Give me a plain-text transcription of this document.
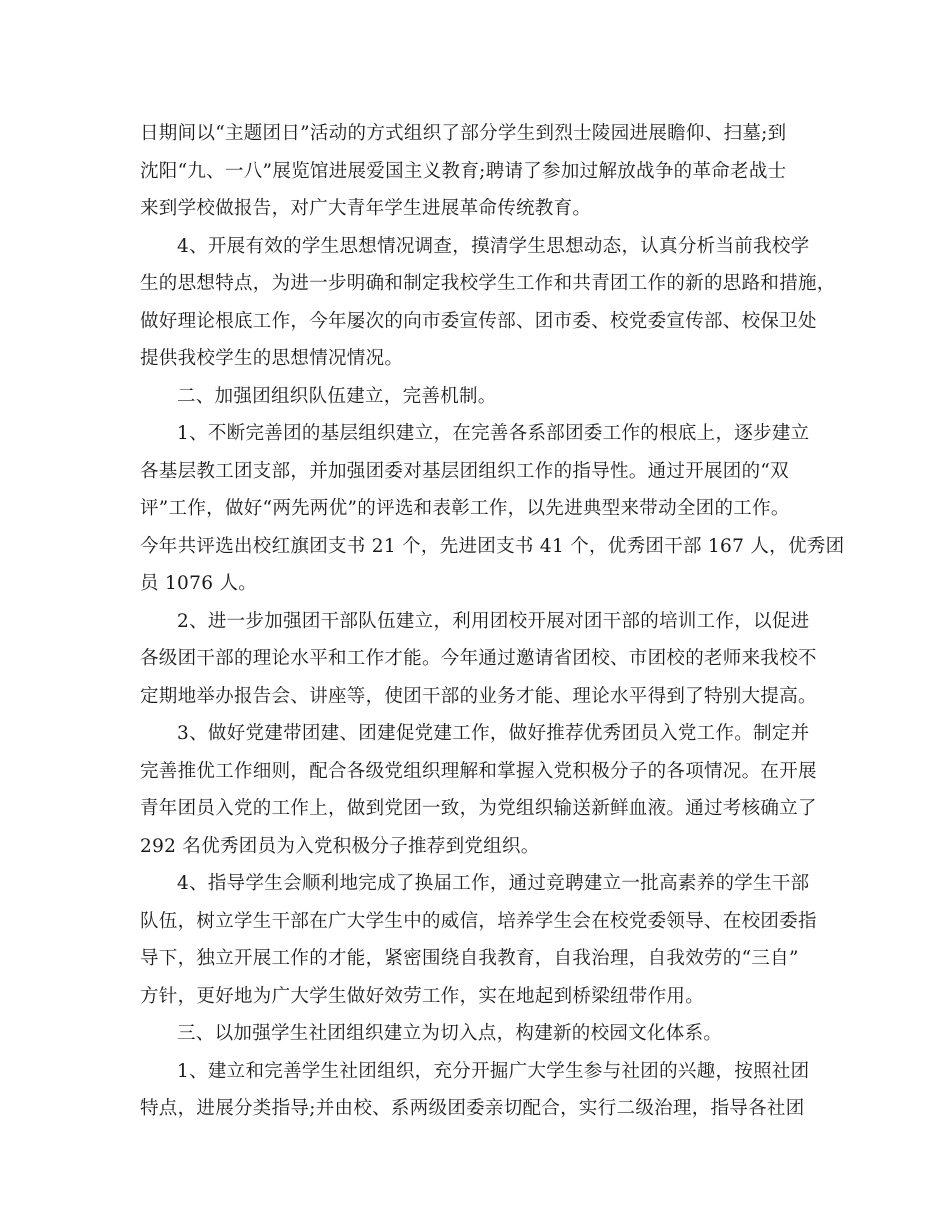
日期间以“主题团日”活动的方式组织了部分学生到烈士陵园进展瞻仰、扫墓;到
沈阳“九、一八”展览馆进展爱国主义教育;聘请了参加过解放战争的革命老战士
来到学校做报告，对广大青年学生进展革命传统教育。
4、开展有效的学生思想情况调查，摸清学生思想动态，认真分析当前我校学
生的思想特点，为进一步明确和制定我校学生工作和共青团工作的新的思路和措施，
做好理论根底工作，今年屡次的向市委宣传部、团市委、校党委宣传部、校保卫处
提供我校学生的思想情况情况。
二、加强团组织队伍建立，完善机制。
1、不断完善团的基层组织建立，在完善各系部团委工作的根底上，逐步建立
各基层教工团支部，并加强团委对基层团组织工作的指导性。通过开展团的“双
评”工作，做好“两先两优”的评选和表彰工作，以先进典型来带动全团的工作。
今年共评选出校红旗团支书 21 个，先进团支书 41 个，优秀团干部 167 人，优秀团
员 1076 人。
2、进一步加强团干部队伍建立，利用团校开展对团干部的培训工作，以促进
各级团干部的理论水平和工作才能。今年通过邀请省团校、市团校的老师来我校不
定期地举办报告会、讲座等，使团干部的业务才能、理论水平得到了特别大提高。
3、做好党建带团建、团建促党建工作，做好推荐优秀团员入党工作。制定并
完善推优工作细则，配合各级党组织理解和掌握入党积极分子的各项情况。在开展
青年团员入党的工作上，做到党团一致，为党组织输送新鲜血液。通过考核确立了
292 名优秀团员为入党积极分子推荐到党组织。
4、指导学生会顺利地完成了换届工作，通过竞聘建立一批高素养的学生干部
队伍，树立学生干部在广大学生中的威信，培养学生会在校党委领导、在校团委指
导下，独立开展工作的才能，紧密围绕自我教育，自我治理，自我效劳的“三自”
方针，更好地为广大学生做好效劳工作，实在地起到桥梁纽带作用。
三、以加强学生社团组织建立为切入点，构建新的校园文化体系。
1、建立和完善学生社团组织，充分开掘广大学生参与社团的兴趣，按照社团
特点，进展分类指导;并由校、系两级团委亲切配合，实行二级治理，指导各社团
